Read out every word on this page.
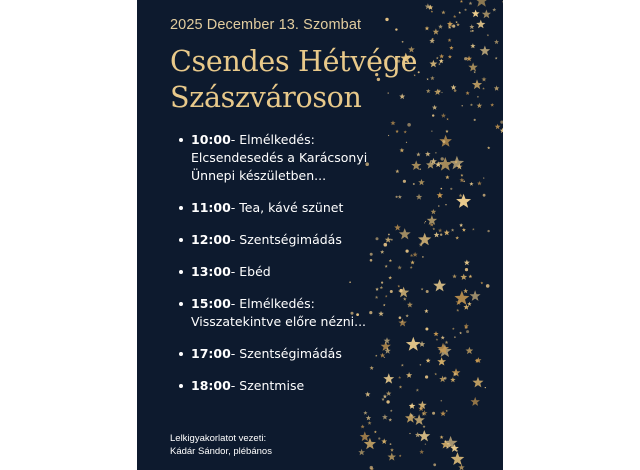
2025 December 13. Szombat
Csendes Hétvége
Szászvároson
10:00- Elmélkedés:
Elcsendesedés a Karácsonyi
Ünnepi készületben...
11:00- Tea, kávé szünet
12:00- Szentségimádás
13:00- Ebéd
15:00- Elmélkedés:
Visszatekintve előre nézni...
17:00- Szentségimádás
18:00- Szentmise
Lelkigyakorlatot vezeti:
Kádár Sándor, plébános
